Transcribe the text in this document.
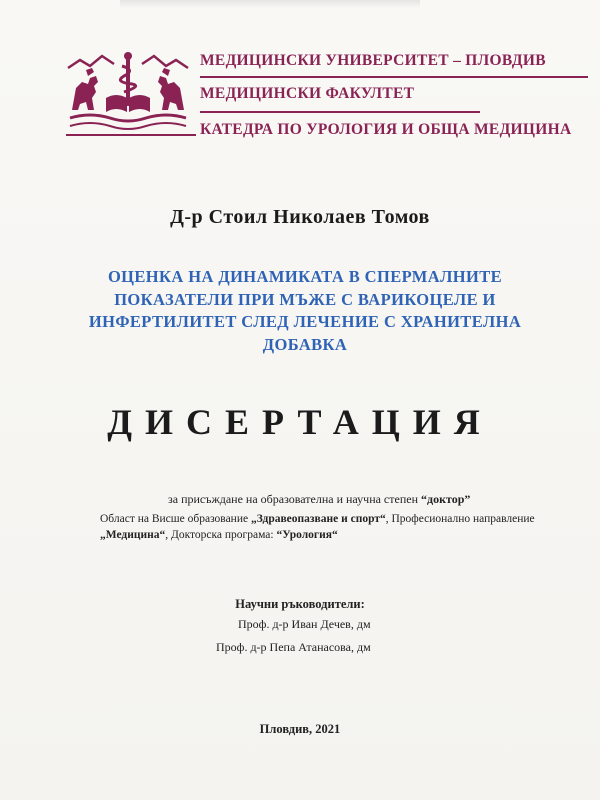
МЕДИЦИНСКИ УНИВЕРСИТЕТ – ПЛОВДИВ
МЕДИЦИНСКИ ФАКУЛТЕТ
КАТЕДРА ПО УРОЛОГИЯ И ОБЩА МЕДИЦИНА
Д-р Стоил Николаев Томов
ОЦЕНКА НА ДИНАМИКАТА В СПЕРМАЛНИТЕ ПОКАЗАТЕЛИ ПРИ МЪЖЕ С ВАРИКОЦЕЛЕ И ИНФЕРТИЛИТЕТ СЛЕД ЛЕЧЕНИЕ С ХРАНИТЕЛНА ДОБАВКА
ДИСЕРТАЦИЯ
за присъждане на образователна и научна степен “доктор”
Област на Висше образование „Здравеопазване и спорт“, Професионално направление „Медицина“, Докторска програма: “Урология“
Научни ръководители:
Проф. д-р Иван Дечев, дм
Проф. д-р Пепа Атанасова, дм
Пловдив, 2021
